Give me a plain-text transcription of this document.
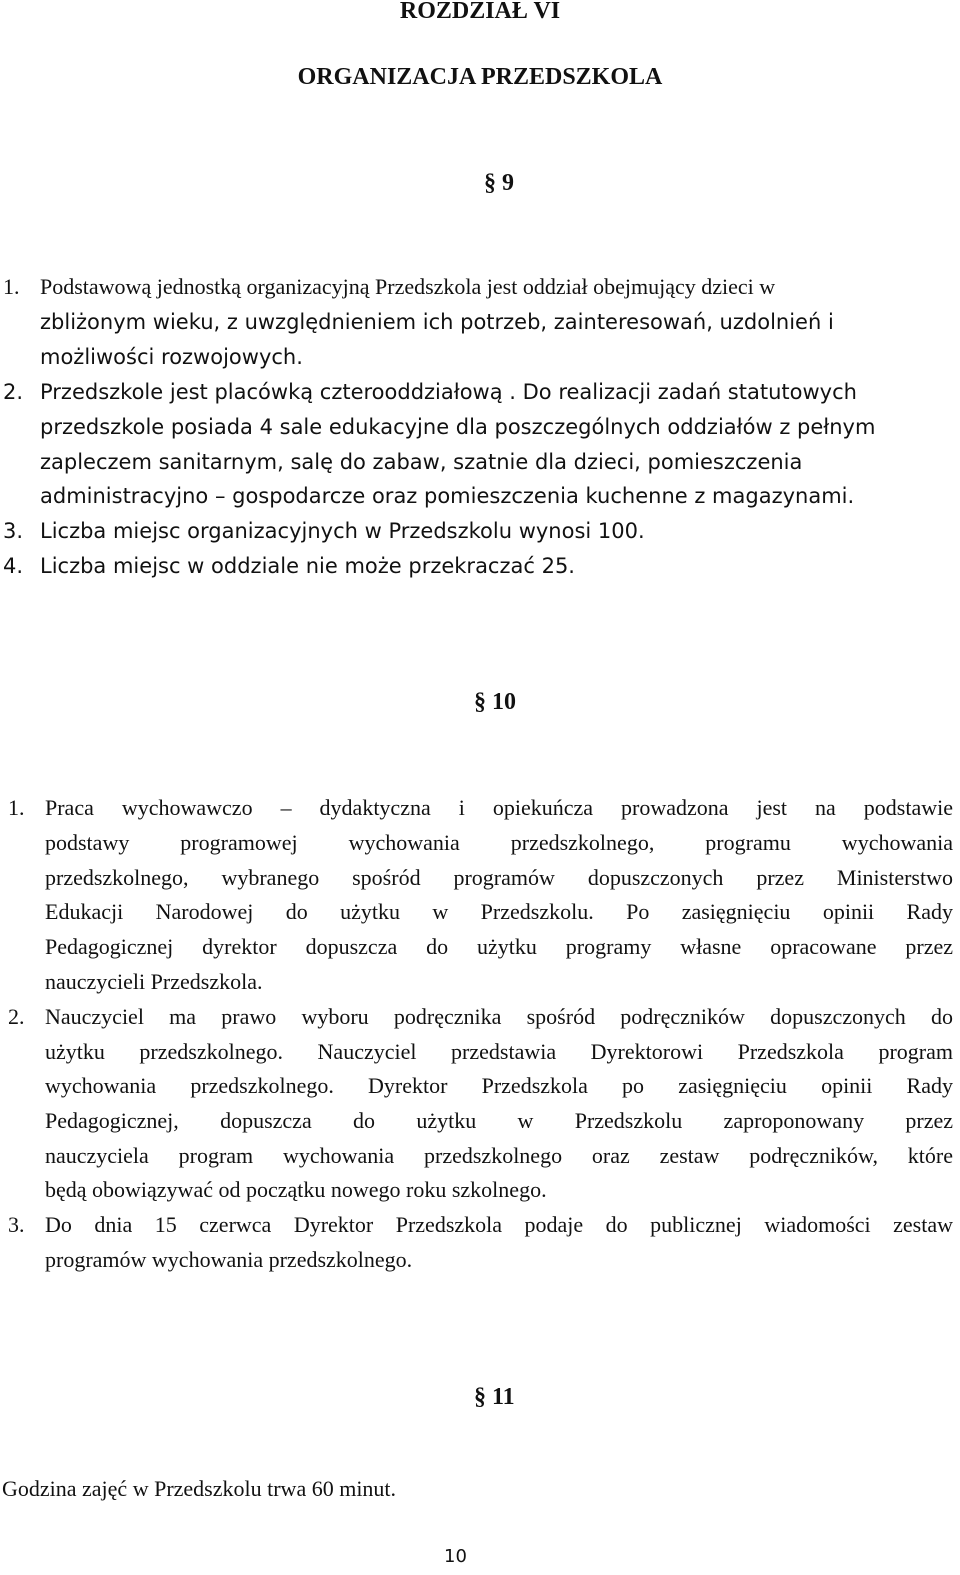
ROZDZIAŁ VI
ORGANIZACJA PRZEDSZKOLA
§ 9
1. Podstawową jednostką organizacyjną Przedszkola jest oddział obejmujący dzieci w
zbliżonym wieku, z uwzględnieniem ich potrzeb, zainteresowań, uzdolnień i
możliwości rozwojowych.
2. Przedszkole jest placówką czterooddziałową . Do realizacji zadań statutowych
przedszkole posiada 4 sale edukacyjne dla poszczególnych oddziałów z pełnym
zapleczem sanitarnym, salę do zabaw, szatnie dla dzieci, pomieszczenia
administracyjno – gospodarcze oraz pomieszczenia kuchenne z magazynami.
3. Liczba miejsc organizacyjnych w Przedszkolu wynosi 100.
4. Liczba miejsc w oddziale nie może przekraczać 25.
§ 10
1. Praca wychowawczo – dydaktyczna i opiekuńcza prowadzona jest na podstawie
podstawy programowej wychowania przedszkolnego, programu wychowania
przedszkolnego, wybranego spośród programów dopuszczonych przez Ministerstwo
Edukacji Narodowej do użytku w Przedszkolu. Po zasięgnięciu opinii Rady
Pedagogicznej dyrektor dopuszcza do użytku programy własne opracowane przez
nauczycieli Przedszkola.
2. Nauczyciel ma prawo wyboru podręcznika spośród podręczników dopuszczonych do
użytku przedszkolnego. Nauczyciel przedstawia Dyrektorowi Przedszkola program
wychowania przedszkolnego. Dyrektor Przedszkola po zasięgnięciu opinii Rady
Pedagogicznej, dopuszcza do użytku w Przedszkolu zaproponowany przez
nauczyciela program wychowania przedszkolnego oraz zestaw podręczników, które
będą obowiązywać od początku nowego roku szkolnego.
3. Do dnia 15 czerwca Dyrektor Przedszkola podaje do publicznej wiadomości zestaw
programów wychowania przedszkolnego.
§ 11
Godzina zajęć w Przedszkolu trwa 60 minut.
10
